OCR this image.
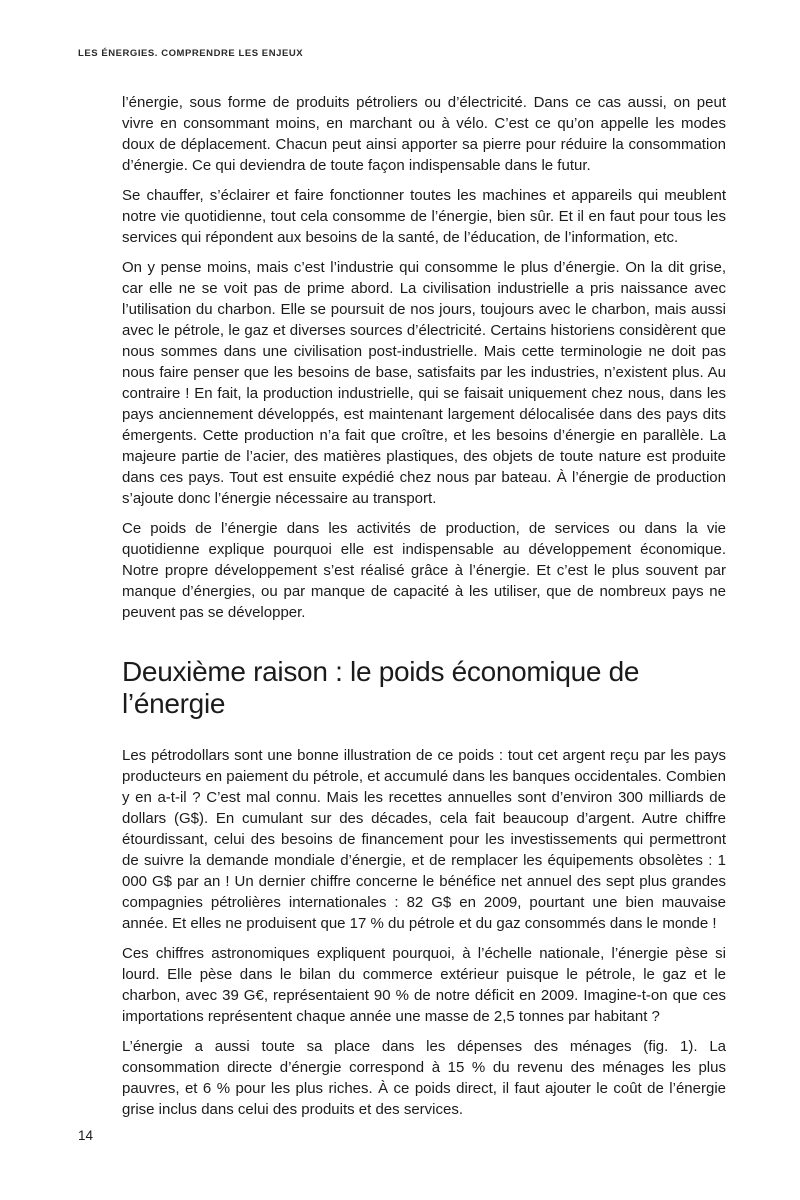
LES ÉNERGIES. COMPRENDRE LES ENJEUX

l’énergie, sous forme de produits pétroliers ou d’électricité. Dans ce cas aussi, on peut vivre en consommant moins, en marchant ou à vélo. C’est ce qu’on appelle les modes doux de déplacement. Chacun peut ainsi apporter sa pierre pour réduire la consommation d’énergie. Ce qui deviendra de toute façon indispensable dans le futur.

Se chauffer, s’éclairer et faire fonctionner toutes les machines et appareils qui meublent notre vie quotidienne, tout cela consomme de l’énergie, bien sûr. Et il en faut pour tous les services qui répondent aux besoins de la santé, de l’éducation, de l’information, etc.

On y pense moins, mais c’est l’industrie qui consomme le plus d’énergie. On la dit grise, car elle ne se voit pas de prime abord. La civilisation industrielle a pris naissance avec l’utilisation du charbon. Elle se poursuit de nos jours, toujours avec le charbon, mais aussi avec le pétrole, le gaz et diverses sources d’électricité. Certains historiens considèrent que nous sommes dans une civilisation post-industrielle. Mais cette terminologie ne doit pas nous faire penser que les besoins de base, satisfaits par les industries, n’existent plus. Au contraire ! En fait, la production industrielle, qui se faisait uniquement chez nous, dans les pays anciennement développés, est maintenant largement délocalisée dans des pays dits émergents. Cette production n’a fait que croître, et les besoins d’énergie en parallèle. La majeure partie de l’acier, des matières plastiques, des objets de toute nature est produite dans ces pays. Tout est ensuite expédié chez nous par bateau. À l’énergie de production s’ajoute donc l’énergie nécessaire au transport.

Ce poids de l’énergie dans les activités de production, de services ou dans la vie quotidienne explique pourquoi elle est indispensable au développement économique. Notre propre développement s’est réalisé grâce à l’énergie. Et c’est le plus souvent par manque d’énergies, ou par manque de capacité à les utiliser, que de nombreux pays ne peuvent pas se développer.

Deuxième raison : le poids économique de l’énergie

Les pétrodollars sont une bonne illustration de ce poids : tout cet argent reçu par les pays producteurs en paiement du pétrole, et accumulé dans les banques occidentales. Combien y en a-t-il ? C’est mal connu. Mais les recettes annuelles sont d’environ 300 milliards de dollars (G$). En cumulant sur des décades, cela fait beaucoup d’argent. Autre chiffre étourdissant, celui des besoins de financement pour les investissements qui permettront de suivre la demande mondiale d’énergie, et de remplacer les équipements obsolètes : 1 000 G$ par an ! Un dernier chiffre concerne le bénéfice net annuel des sept plus grandes compagnies pétrolières internationales : 82 G$ en 2009, pourtant une bien mauvaise année. Et elles ne produisent que 17 % du pétrole et du gaz consommés dans le monde !

Ces chiffres astronomiques expliquent pourquoi, à l’échelle nationale, l’énergie pèse si lourd. Elle pèse dans le bilan du commerce extérieur puisque le pétrole, le gaz et le charbon, avec 39 G€, représentaient 90 % de notre déficit en 2009. Imagine-t-on que ces importations représentent chaque année une masse de 2,5 tonnes par habitant ?

L’énergie a aussi toute sa place dans les dépenses des ménages (fig. 1). La consommation directe d’énergie correspond à 15 % du revenu des ménages les plus pauvres, et 6 % pour les plus riches. À ce poids direct, il faut ajouter le coût de l’énergie grise inclus dans celui des produits et des services.

14
